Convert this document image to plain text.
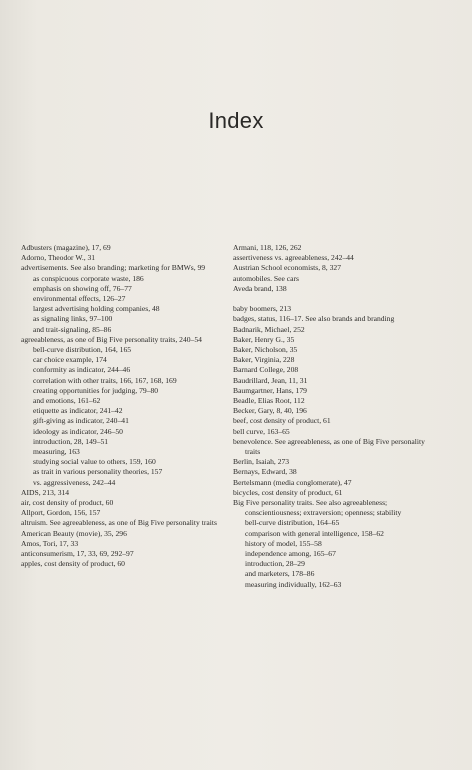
Index
Adbusters (magazine), 17, 69
Adorno, Theodor W., 31
advertisements. See also branding; marketing for BMWs, 99
as conspicuous corporate waste, 186
emphasis on showing off, 76–77
environmental effects, 126–27
largest advertising holding companies, 48
as signaling links, 97–100
and trait-signaling, 85–86
agreeableness, as one of Big Five personality traits, 240–54
bell-curve distribution, 164, 165
car choice example, 174
conformity as indicator, 244–46
correlation with other traits, 166, 167, 168, 169
creating opportunities for judging, 79–80
and emotions, 161–62
etiquette as indicator, 241–42
gift-giving as indicator, 240–41
ideology as indicator, 246–50
introduction, 28, 149–51
measuring, 163
studying social value to others, 159, 160
as trait in various personality theories, 157
vs. aggressiveness, 242–44
AIDS, 213, 314
air, cost density of product, 60
Allport, Gordon, 156, 157
altruism. See agreeableness, as one of Big Five personality traits
American Beauty (movie), 35, 296
Amos, Tori, 17, 33
anticonsumerism, 17, 33, 69, 292–97
apples, cost density of product, 60
Armani, 118, 126, 262
assertiveness vs. agreeableness, 242–44
Austrian School economists, 8, 327
automobiles. See cars
Aveda brand, 138
baby boomers, 213
badges, status, 116–17. See also brands and branding
Badnarik, Michael, 252
Baker, Henry G., 35
Baker, Nicholson, 35
Baker, Virginia, 228
Barnard College, 208
Baudrillard, Jean, 11, 31
Baumgartner, Hans, 179
Beadle, Elias Root, 112
Becker, Gary, 8, 40, 196
beef, cost density of product, 61
bell curve, 163–65
benevolence. See agreeableness, as one of Big Five personality traits
Berlin, Isaiah, 273
Bernays, Edward, 38
Bertelsmann (media conglomerate), 47
bicycles, cost density of product, 61
Big Five personality traits. See also agreeableness; conscientiousness; extraversion; openness; stability
bell-curve distribution, 164–65
comparison with general intelligence, 158–62
history of model, 155–58
independence among, 165–67
introduction, 28–29
and marketers, 178–86
measuring individually, 162–63
